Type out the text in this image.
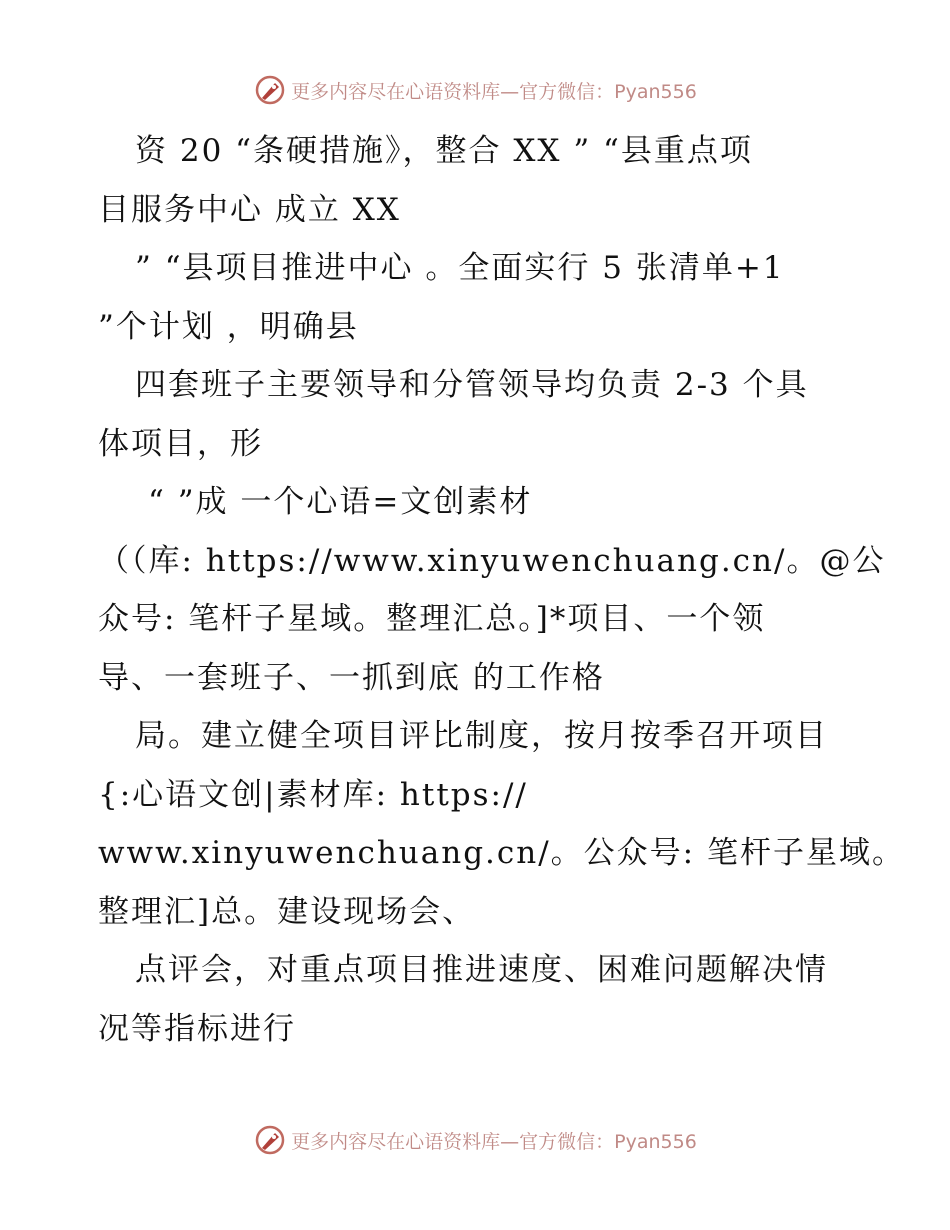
更多内容尽在心语资料库—官方微信：Pyan556
资 20 “条硬措施》，整合 XX ” “县重点项
目服务中心 成立 XX
” “县项目推进中心 。全面实行 5 张清单+1
”个计划 ，明确县
四套班子主要领导和分管领导均负责 2-3 个具
体项目，形
“ ”成 一个心语=文创素材
（（库: https://www.xinyuwenchuang.cn/。@公
众号: 笔杆子星域。整理汇总。]*项目、一个领
导、一套班子、一抓到底 的工作格
局。建立健全项目评比制度，按月按季召开项目
{:心语文创|素材库: https://
www.xinyuwenchuang.cn/。公众号: 笔杆子星域。
整理汇]总。建设现场会、
点评会，对重点项目推进速度、困难问题解决情
况等指标进行
更多内容尽在心语资料库—官方微信：Pyan556
